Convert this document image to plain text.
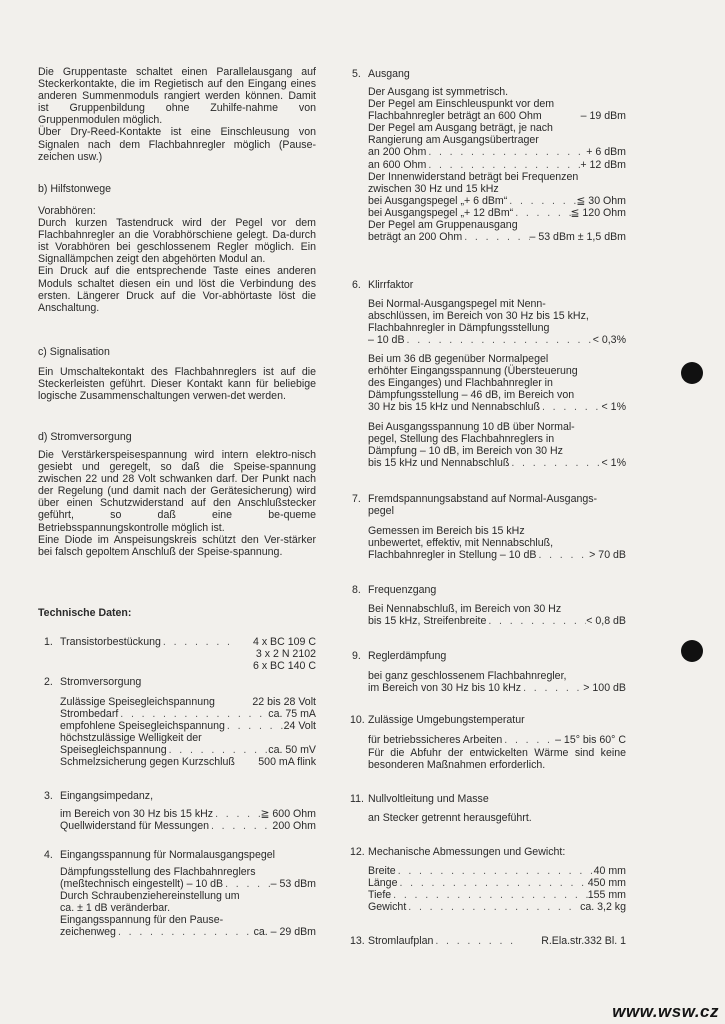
Die Gruppentaste schaltet einen Parallelausgang auf Steckerkontakte, die im Regietisch auf den Eingang eines anderen Summenmoduls rangiert werden können. Damit ist Gruppenbildung ohne Zuhilfe-nahme von Gruppenmodulen möglich.
Über Dry-Reed-Kontakte ist eine Einschleusung von Signalen nach dem Flachbahnregler möglich (Pause-zeichen usw.)
b) Hilfstonwege
Vorabhören:
Durch kurzen Tastendruck wird der Pegel vor dem Flachbahnregler an die Vorabhörschiene gelegt. Da-durch ist Vorabhören bei geschlossenem Regler möglich. Ein Signallämpchen zeigt den abgehörten Modul an.
Ein Druck auf die entsprechende Taste eines anderen Moduls schaltet diesen ein und löst die Verbindung des ersten. Längerer Druck auf die Vor-abhörtaste löst die Anschaltung.
c) Signalisation
Ein Umschaltekontakt des Flachbahnreglers ist auf die Steckerleisten geführt. Dieser Kontakt kann für beliebige logische Zusammenschaltungen verwen-det werden.
d) Stromversorgung
Die Verstärkerspeisespannung wird intern elektro-nisch gesiebt und geregelt, so daß die Speise-spannung zwischen 22 und 28 Volt schwanken darf. Der Punkt nach der Regelung (und damit nach der Gerätesicherung) wird über einen Schutzwiderstand auf den Anschlußstecker geführt, so daß eine be-queme Betriebsspannungskontrolle möglich ist.
Eine Diode im Anspeisungskreis schützt den Ver-stärker bei falsch gepoltem Anschluß der Speise-spannung.
Technische Daten:
1. Transistorbestückung . . .	4 x BC 109 C
3 x 2 N 2102
6 x BC 140 C
2. Stromversorgung
Zulässige Speisegleichspannung	22 bis 28 Volt
Strombedarf . . .	ca. 75 mA
empfohlene Speisegleichspannung . . .	24 Volt
höchstzulässige Welligkeit der
Speisegleichspannung . . .	ca. 50 mV
Schmelzsicherung gegen Kurzschluß 500 mA flink
3. Eingangsimpedanz,
im Bereich von 30 Hz bis 15 kHz . . .	≧ 600 Ohm
Quellwiderstand für Messungen . . .	200 Ohm
4. Eingangsspannung für Normalausgangspegel
Dämpfungsstellung des Flachbahnreglers
(meßtechnisch eingestellt) – 10 dB . . .	– 53 dBm
Durch Schraubenziehereinstellung um
ca. ± 1 dB veränderbar.
Eingangsspannung für den Pause-
zeichenweg . . .	ca. – 29 dBm
5. Ausgang
Der Ausgang ist symmetrisch.
Der Pegel am Einschleuspunkt vor dem
Flachbahnregler beträgt an 600 Ohm	– 19 dBm
Der Pegel am Ausgang beträgt, je nach
Rangierung am Ausgangsübertrager
an 200 Ohm . . .	+ 6 dBm
an 600 Ohm . . .	+ 12 dBm
Der Innenwiderstand beträgt bei Frequenzen
zwischen 30 Hz und 15 kHz
bei Ausgangspegel „+ 6 dBm“ . . .	≦ 30 Ohm
bei Ausgangspegel „+ 12 dBm“ . . .	≦ 120 Ohm
Der Pegel am Gruppenausgang
beträgt an 200 Ohm . . .	– 53 dBm ± 1,5 dBm
6. Klirrfaktor
Bei Normal-Ausgangspegel mit Nenn-
abschlüssen, im Bereich von 30 Hz bis 15 kHz,
Flachbahnregler in Dämpfungsstellung
– 10 dB . . .	< 0,3%
Bei um 36 dB gegenüber Normalpegel
erhöhter Eingangsspannung (Übersteuerung
des Einganges) und Flachbahnregler in
Dämpfungsstellung – 46 dB, im Bereich von
30 Hz bis 15 kHz und Nennabschluß . . .	< 1%
Bei Ausgangsspannung 10 dB über Normal-
pegel, Stellung des Flachbahnreglers in
Dämpfung – 10 dB, im Bereich von 30 Hz
bis 15 kHz und Nennabschluß . . .	< 1%
7. Fremdspannungsabstand auf Normal-Ausgangs-
pegel
Gemessen im Bereich bis 15 kHz
unbewertet, effektiv, mit Nennabschluß,
Flachbahnregler in Stellung – 10 dB . . .	> 70 dB
8. Frequenzgang
Bei Nennabschluß, im Bereich von 30 Hz
bis 15 kHz, Streifenbreite . . .	< 0,8 dB
9. Reglerdämpfung
bei ganz geschlossenem Flachbahnregler,
im Bereich von 30 Hz bis 10 kHz . . .	> 100 dB
10. Zulässige Umgebungstemperatur
für betriebssicheres Arbeiten . . .	– 15° bis 60° C
Für die Abfuhr der entwickelten Wärme sind keine besonderen Maßnahmen erforderlich.
11. Nullvoltleitung und Masse
an Stecker getrennt herausgeführt.
12. Mechanische Abmessungen und Gewicht:
Breite . . .	40 mm
Länge . . .	450 mm
Tiefe . . .	155 mm
Gewicht . . .	ca. 3,2 kg
13. Stromlaufplan . . .	R.Ela.str.332 Bl. 1
www.wsw.cz
